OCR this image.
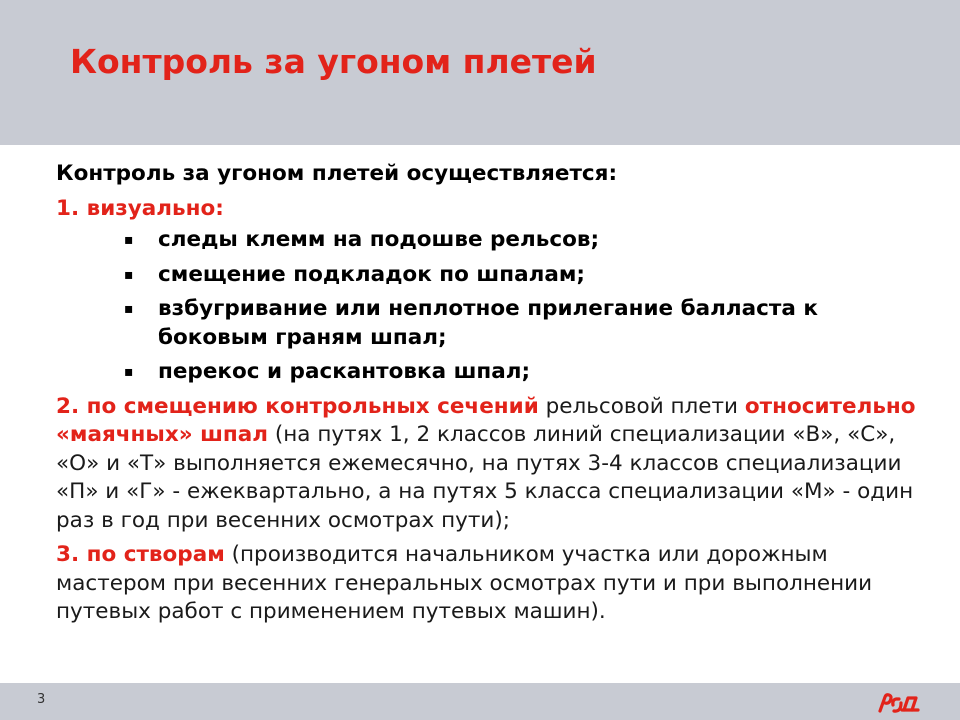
Контроль за угоном плетей

Контроль за угоном плетей осуществляется:

1. визуально:

▪ следы клемм на подошве рельсов;
▪ смещение подкладок по шпалам;
▪ взбугривание или неплотное прилегание балласта к боковым граням шпал;
▪ перекос и раскантовка шпал;

2. по смещению контрольных сечений рельсовой плети относительно «маячных» шпал (на путях 1, 2 классов линий специализации «В», «С», «О» и «Т» выполняется ежемесячно, на путях 3-4 классов специализации «П» и «Г» - ежеквартально, а на путях 5 класса специализации «М» - один раз в год при весенних осмотрах пути);

3. по створам (производится начальником участка или дорожным мастером при весенних генеральных осмотрах пути и при выполнении путевых работ с применением путевых машин).

3
